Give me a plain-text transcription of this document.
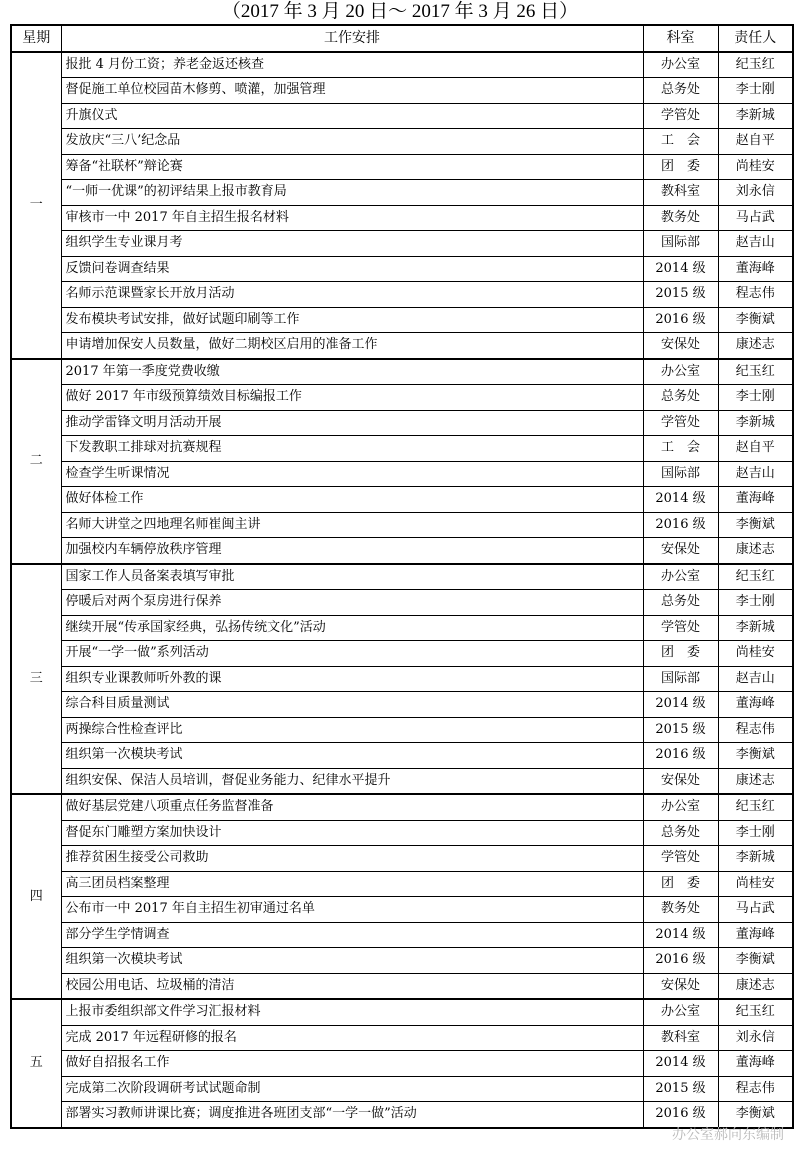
（2017 年 3 月 20 日～ 2017 年 3 月 26 日）
星期	工作安排	科室	责任人
一	报批 4 月份工资；养老金返还核查	办公室	纪玉红
	督促施工单位校园苗木修剪、喷灌，加强管理	总务处	李士刚
	升旗仪式	学管处	李新城
	发放庆“三八’纪念品	工　会	赵自平
	筹备“社联杯”辩论赛	团　委	尚桂安
	“一师一优课”的初评结果上报市教育局	教科室	刘永信
	审核市一中 2017 年自主招生报名材料	教务处	马占武
	组织学生专业课月考	国际部	赵吉山
	反馈问卷调查结果	2014 级	董海峰
	名师示范课暨家长开放月活动	2015 级	程志伟
	发布模块考试安排，做好试题印刷等工作	2016 级	李衡斌
	申请增加保安人员数量，做好二期校区启用的准备工作	安保处	康述志
二	2017 年第一季度党费收缴	办公室	纪玉红
	做好 2017 年市级预算绩效目标编报工作	总务处	李士刚
	推动学雷锋文明月活动开展	学管处	李新城
	下发教职工排球对抗赛规程	工　会	赵自平
	检查学生听课情况	国际部	赵吉山
	做好体检工作	2014 级	董海峰
	名师大讲堂之四地理名师崔闽主讲	2016 级	李衡斌
	加强校内车辆停放秩序管理	安保处	康述志
三	国家工作人员备案表填写审批	办公室	纪玉红
	停暖后对两个泵房进行保养	总务处	李士刚
	继续开展“传承国家经典，弘扬传统文化”活动	学管处	李新城
	开展“一学一做”系列活动	团　委	尚桂安
	组织专业课教师听外教的课	国际部	赵吉山
	综合科目质量测试	2014 级	董海峰
	两操综合性检查评比	2015 级	程志伟
	组织第一次模块考试	2016 级	李衡斌
	组织安保、保洁人员培训，督促业务能力、纪律水平提升	安保处	康述志
四	做好基层党建八项重点任务监督准备	办公室	纪玉红
	督促东门雕塑方案加快设计	总务处	李士刚
	推荐贫困生接受公司救助	学管处	李新城
	高三团员档案整理	团　委	尚桂安
	公布市一中 2017 年自主招生初审通过名单	教务处	马占武
	部分学生学情调查	2014 级	董海峰
	组织第一次模块考试	2016 级	李衡斌
	校园公用电话、垃圾桶的清洁	安保处	康述志
五	上报市委组织部文件学习汇报材料	办公室	纪玉红
	完成 2017 年远程研修的报名	教科室	刘永信
	做好自招报名工作	2014 级	董海峰
	完成第二次阶段调研考试试题命制	2015 级	程志伟
	部署实习教师讲课比赛；调度推进各班团支部“一学一做”活动	2016 级	李衡斌
办公室郝向东编制
